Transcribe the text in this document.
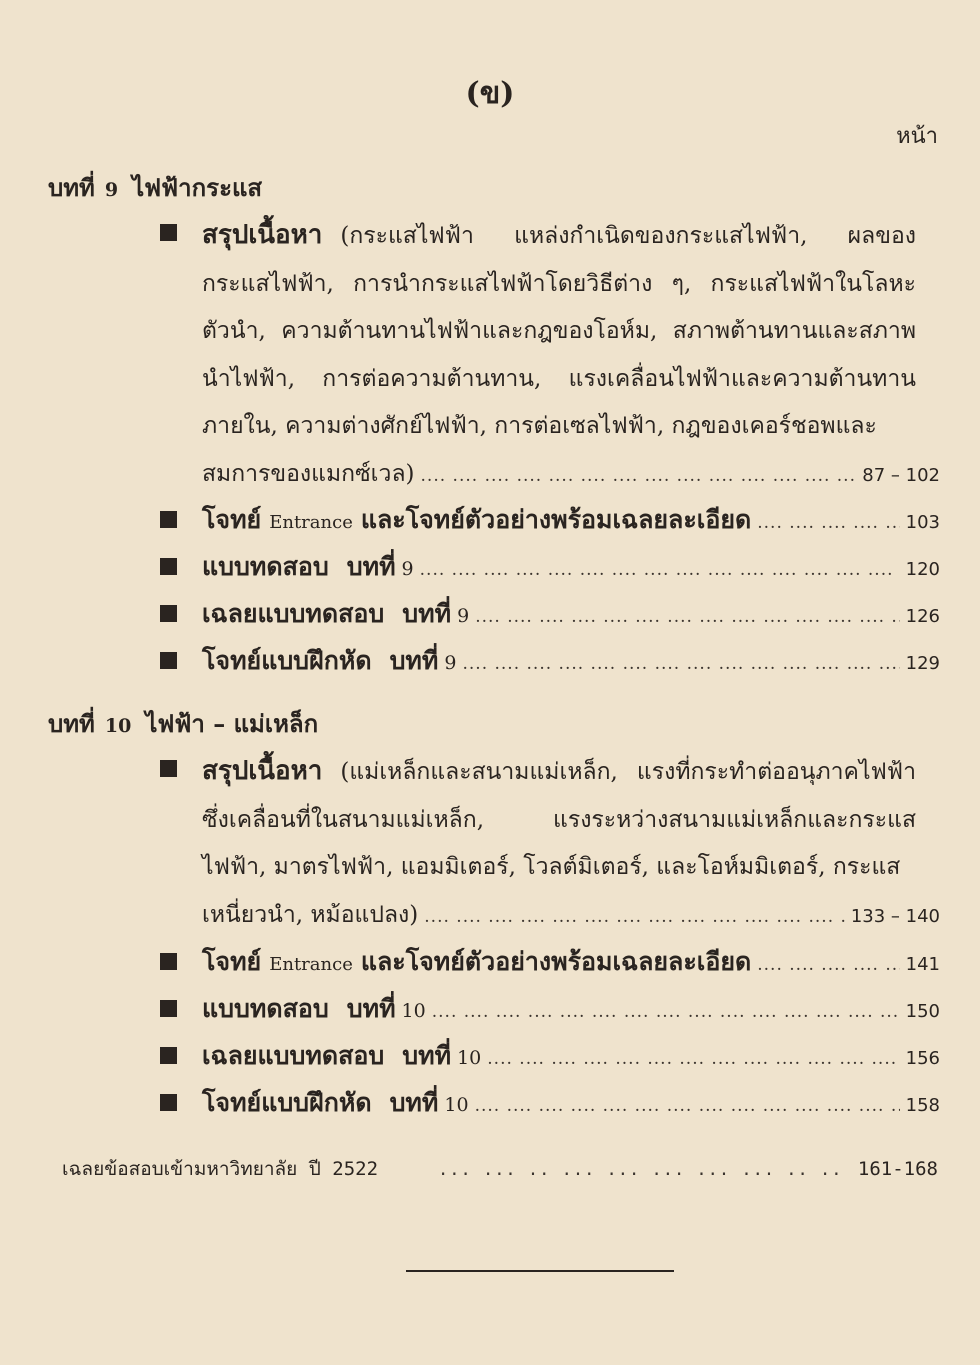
(ข)
หน้า
บทที่ 9 ไฟฟ้ากระแส
สรุปเนื้อหา (กระแสไฟฟ้า แหล่งกำเนิดของกระแสไฟฟ้า, ผลของกระแสไฟฟ้า, การนำกระแสไฟฟ้าโดยวิธีต่าง ๆ, กระแสไฟฟ้าในโลหะตัวนำ, ความต้านทานไฟฟ้าและกฎของโอห์ม, สภาพต้านทานและสภาพนำไฟฟ้า, การต่อความต้านทาน, แรงเคลื่อนไฟฟ้าและความต้านทานภายใน, ความต่างศักย์ไฟฟ้า, การต่อเซลไฟฟ้า, กฎของเคอร์ชอพและ
สมการของแมกซ์เวล) ....	87 – 102
โจทย์ Entrance และโจทย์ตัวอย่างพร้อมเฉลยละเอียด ....	103
แบบทดสอบ บทที่ 9 ....	120
เฉลยแบบทดสอบ บทที่ 9 ....	126
โจทย์แบบฝึกหัด บทที่ 9 ....	129
บทที่ 10 ไฟฟ้า – แม่เหล็ก
สรุปเนื้อหา (แม่เหล็กและสนามแม่เหล็ก, แรงที่กระทำต่ออนุภาคไฟฟ้าซึ่งเคลื่อนที่ในสนามแม่เหล็ก, แรงระหว่างสนามแม่เหล็กและกระแสไฟฟ้า, มาตรไฟฟ้า, แอมมิเตอร์, โวลต์มิเตอร์, และโอห์มมิเตอร์, กระแส
เหนี่ยวนำ, หม้อแปลง) ....	133 – 140
โจทย์ Entrance และโจทย์ตัวอย่างพร้อมเฉลยละเอียด ....	141
แบบทดสอบ บทที่ 10 ....	150
เฉลยแบบทดสอบ บทที่ 10 ....	156
โจทย์แบบฝึกหัด บทที่ 10 ....	158
เฉลยข้อสอบเข้ามหาวิทยาลัย ปี 2522 ... .	161-168
